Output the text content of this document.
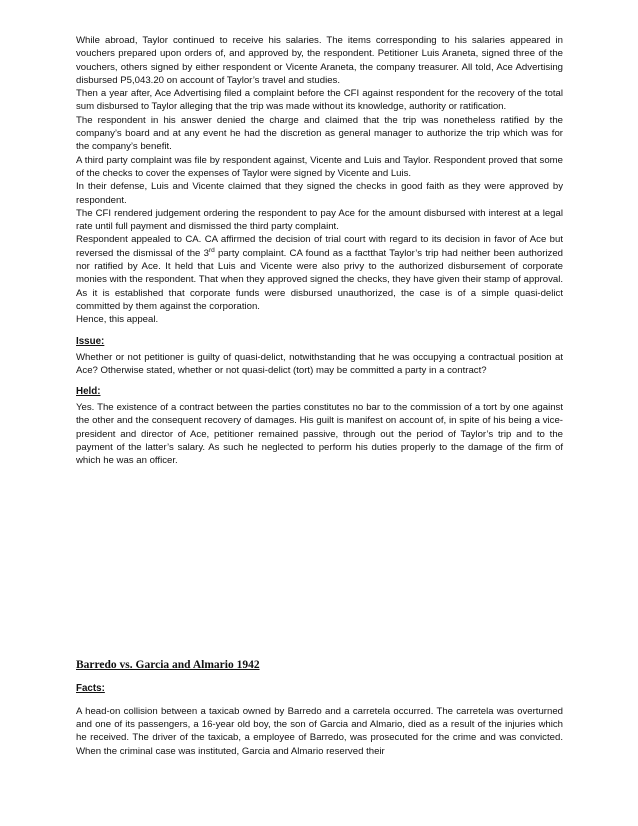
While abroad, Taylor continued to receive his salaries. The items corresponding to his salaries appeared in vouchers prepared upon orders of, and approved by, the respondent. Petitioner Luis Araneta, signed three of the vouchers, others signed by either respondent or Vicente Araneta, the company treasurer. All told, Ace Advertising disbursed P5,043.20 on account of Taylor’s travel and studies.

Then a year after, Ace Advertising filed a complaint before the CFI against respondent for the recovery of the total sum disbursed to Taylor alleging that the trip was made without its knowledge, authority or ratification.

The respondent in his answer denied the charge and claimed that the trip was nonetheless ratified by the company’s board and at any event he had the discretion as general manager to authorize the trip which was for the company’s benefit.

A third party complaint was file by respondent against, Vicente and Luis and Taylor. Respondent proved that some of the checks to cover the expenses of Taylor were signed by Vicente and Luis.

In their defense, Luis and Vicente claimed that they signed the checks in good faith as they were approved by respondent.

The CFI rendered judgement ordering the respondent to pay Ace for the amount disbursed with interest at a legal rate until full payment and dismissed the third party complaint.

Respondent appealed to CA. CA affirmed the decision of trial court with regard to its decision in favor of Ace but reversed the dismissal of the 3rd party complaint. CA found as a factthat Taylor’s trip had neither been authorized nor ratified by Ace. It held that Luis and Vicente were also privy to the authorized disbursement of corporate monies with the respondent. That when they approved signed the checks, they have given their stamp of approval. As it is established that corporate funds were disbursed unauthorized, the case is of a simple quasi-delict committed by them against the corporation.

Hence, this appeal.

Issue:

Whether or not petitioner is guilty of quasi-delict, notwithstanding that he was occupying a contractual position at Ace? Otherwise stated, whether or not quasi-delict (tort) may be committed a party in a contract?

Held:

Yes. The existence of a contract between the parties constitutes no bar to the commission of a tort by one against the other and the consequent recovery of damages. His guilt is manifest on account of, in spite of his being a vice-president and director of Ace, petitioner remained passive, through out the period of Taylor’s trip and to the payment of the latter’s salary. As such he neglected to perform his duties properly to the damage of the firm of which he was an officer.

Barredo vs. Garcia and Almario 1942

Facts:

A head-on collision between a taxicab owned by Barredo and a carretela occurred. The carretela was overturned and one of its passengers, a 16-year old boy, the son of Garcia and Almario, died as a result of the injuries which he received. The driver of the taxicab, a employee of Barredo, was prosecuted for the crime and was convicted. When the criminal case was instituted, Garcia and Almario reserved their
